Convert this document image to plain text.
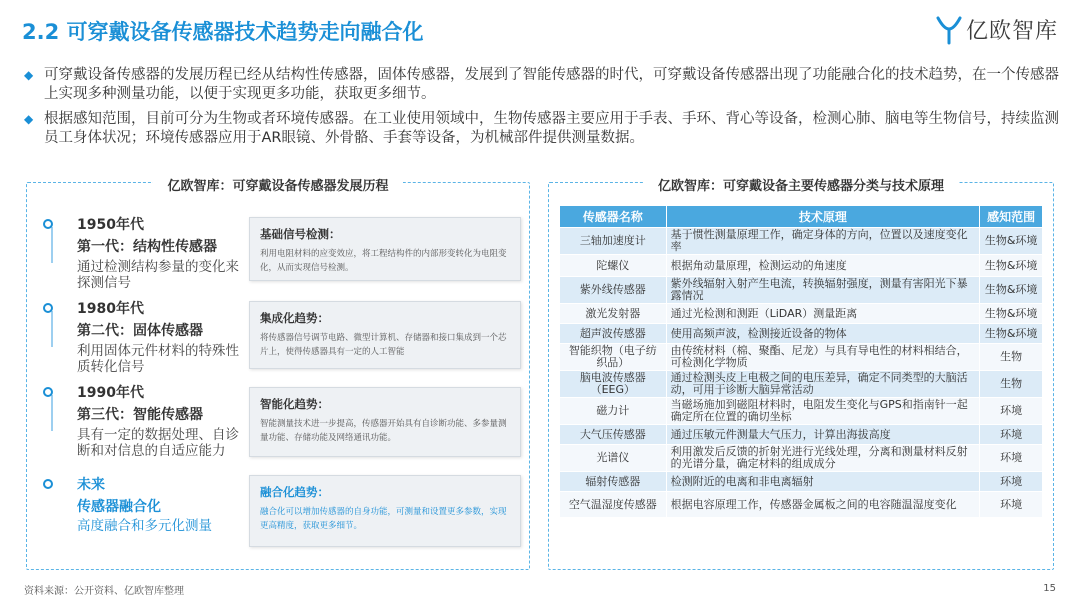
2.2 可穿戴设备传感器技术趋势走向融合化	亿欧智库
◆ 可穿戴设备传感器的发展历程已经从结构性传感器，固体传感器，发展到了智能传感器的时代，可穿戴设备传感器出现了功能融合化的技术趋势，在一个传感器上实现多种测量功能，以便于实现更多功能，获取更多细节。
◆ 根据感知范围，目前可分为生物或者环境传感器。在工业使用领域中，生物传感器主要应用于手表、手环、背心等设备，检测心肺、脑电等生物信号，持续监测员工身体状况；环境传感器应用于AR眼镜、外骨骼、手套等设备，为机械部件提供测量数据。
亿欧智库：可穿戴设备传感器发展历程
1950年代
第一代：结构性传感器
通过检测结构参量的变化来探测信号
基础信号检测：
利用电阻材料的应变效应，将工程结构件的内部形变转化为电阻变化，从而实现信号检测。
1980年代
第二代：固体传感器
利用固体元件材料的特殊性质转化信号
集成化趋势：
将传感器信号调节电路、微型计算机、存储器和接口集成到一个芯片上，使得传感器具有一定的人工智能
1990年代
第三代：智能传感器
具有一定的数据处理、自诊断和对信息的自适应能力
智能化趋势：
智能测量技术进一步提高，传感器开始具有自诊断功能、多参量测量功能、存储功能及网络通讯功能。
未来
传感器融合化
高度融合和多元化测量
融合化趋势：
融合化可以增加传感器的自身功能，可测量和设置更多参数，实现更高精度，获取更多细节。
亿欧智库：可穿戴设备主要传感器分类与技术原理
传感器名称	技术原理	感知范围
三轴加速度计	基于惯性测量原理工作，确定身体的方向，位置以及速度变化率	生物&环境
陀螺仪	根据角动量原理，检测运动的角速度	生物&环境
紫外线传感器	紫外线辐射入射产生电流，转换辐射强度，测量有害阳光下暴露情况	生物&环境
激光发射器	通过光检测和测距（LiDAR）测量距离	生物&环境
超声波传感器	使用高频声波，检测接近设备的物体	生物&环境
智能织物（电子纺织品）	由传统材料（棉、聚酯、尼龙）与具有导电性的材料相结合，可检测化学物质	生物
脑电波传感器（EEG）	通过检测头皮上电极之间的电压差异，确定不同类型的大脑活动，可用于诊断大脑异常活动	生物
磁力计	当磁场施加到磁阻材料时，电阻发生变化与GPS和指南针一起确定所在位置的确切坐标	环境
大气压传感器	通过压敏元件测量大气压力，计算出海拔高度	环境
光谱仪	利用激发后反馈的折射光进行光线处理，分离和测量材料反射的光谱分量，确定材料的组成成分	环境
辐射传感器	检测附近的电离和非电离辐射	环境
空气温湿度传感器	根据电容原理工作，传感器金属板之间的电容随温湿度变化	环境
资料来源：公开资料、亿欧智库整理	15
